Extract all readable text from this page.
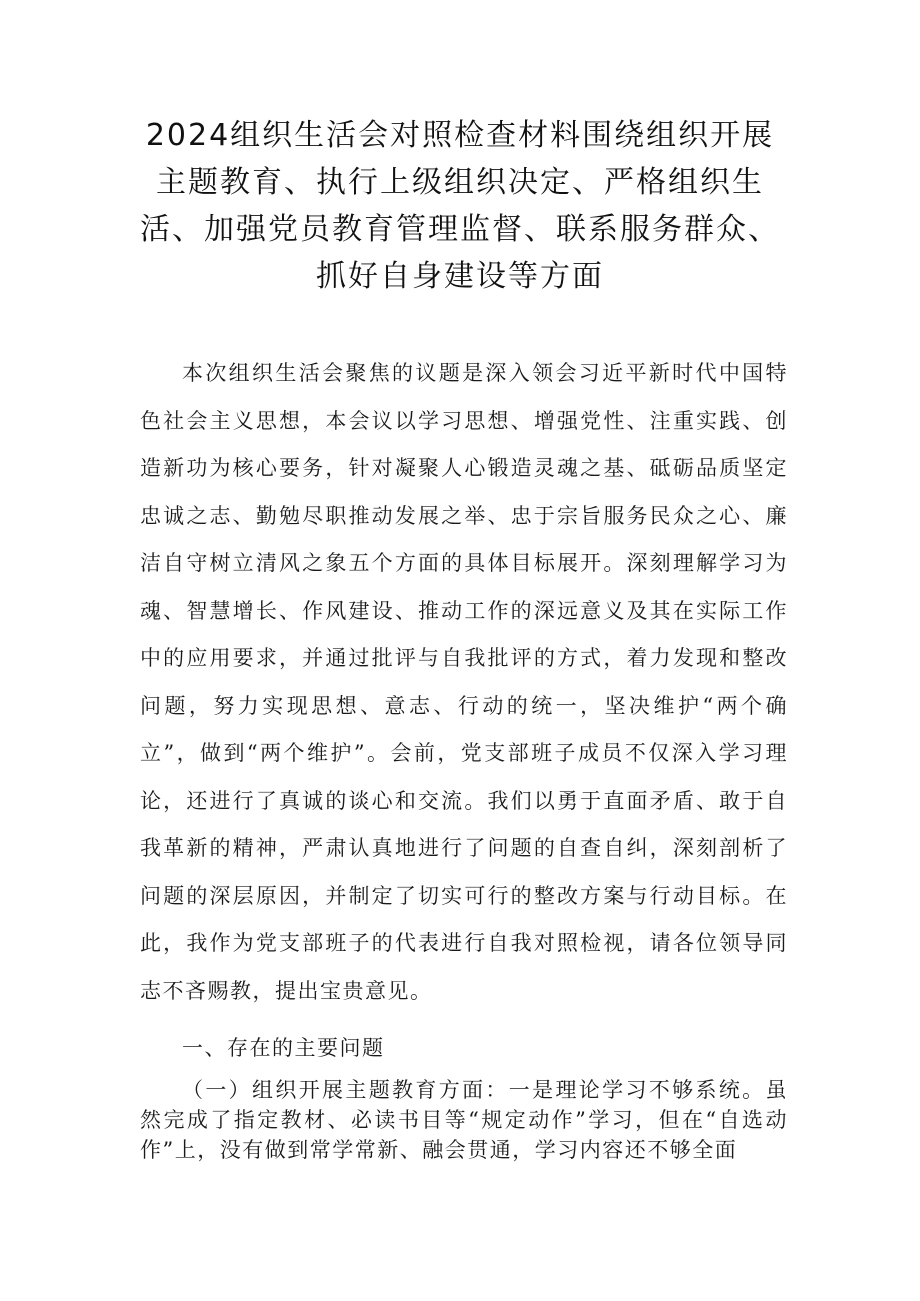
2024组织生活会对照检查材料围绕组织开展主题教育、执行上级组织决定、严格组织生活、加强党员教育管理监督、联系服务群众、抓好自身建设等方面

本次组织生活会聚焦的议题是深入领会习近平新时代中国特色社会主义思想，本会议以学习思想、增强党性、注重实践、创造新功为核心要务，针对凝聚人心锻造灵魂之基、砥砺品质坚定忠诚之志、勤勉尽职推动发展之举、忠于宗旨服务民众之心、廉洁自守树立清风之象五个方面的具体目标展开。深刻理解学习为魂、智慧增长、作风建设、推动工作的深远意义及其在实际工作中的应用要求，并通过批评与自我批评的方式，着力发现和整改问题，努力实现思想、意志、行动的统一，坚决维护“两个确立”，做到“两个维护”。会前，党支部班子成员不仅深入学习理论，还进行了真诚的谈心和交流。我们以勇于直面矛盾、敢于自我革新的精神，严肃认真地进行了问题的自查自纠，深刻剖析了问题的深层原因，并制定了切实可行的整改方案与行动目标。在此，我作为党支部班子的代表进行自我对照检视，请各位领导同志不吝赐教，提出宝贵意见。

一、存在的主要问题

（一）组织开展主题教育方面：一是理论学习不够系统。虽然完成了指定教材、必读书目等“规定动作”学习，但在“自选动作”上，没有做到常学常新、融会贯通，学习内容还不够全面
